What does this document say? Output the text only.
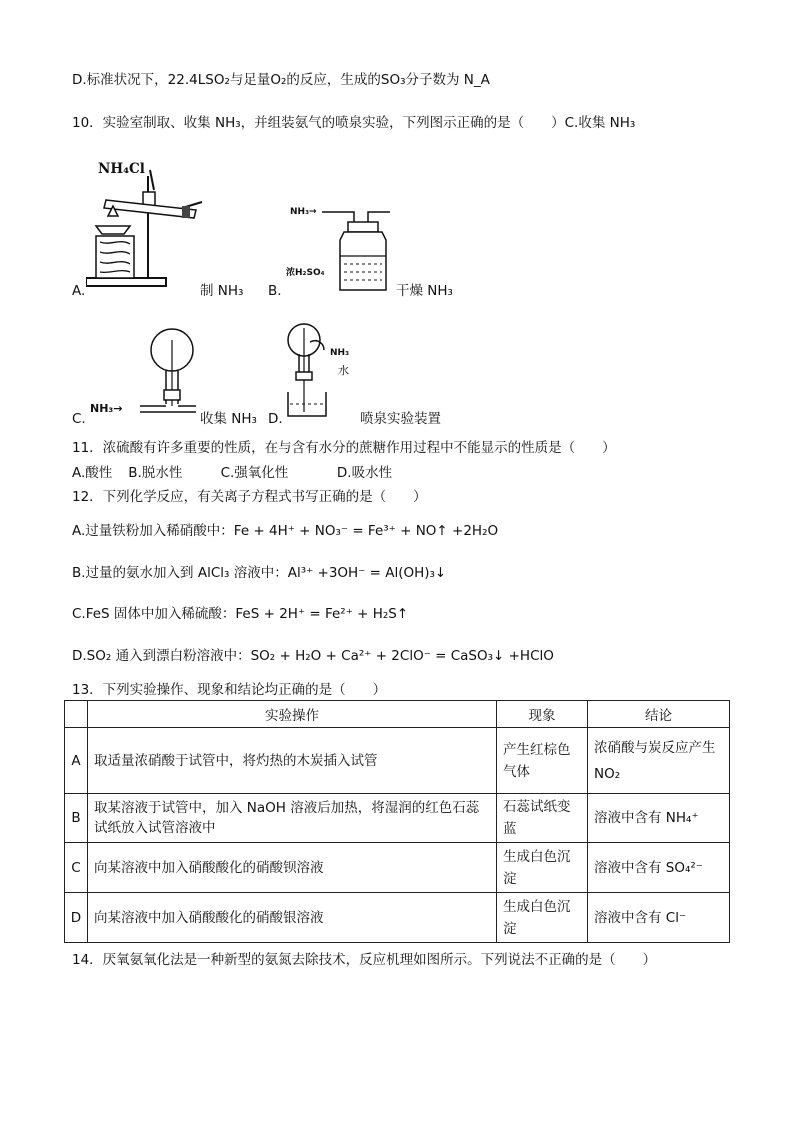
D.标准状况下，22.4LSO₂与足量O₂的反应，生成的SO₃分子数为 N_A
10．实验室制取、收集 NH₃，并组装氨气的喷泉实验，下列图示正确的是（　　）C.收集 NH₃
NH₄Cl
A.	制 NH₃
NH₃→
浓H₂SO₄
B.	干燥 NH₃
NH₃→
C.	收集 NH₃
NH₃
水
D.	喷泉实验装置
11．浓硫酸有许多重要的性质，在与含有水分的蔗糖作用过程中不能显示的性质是（　　）
A.酸性 B.脱水性	C.强氧化性	D.吸水性
12．下列化学反应，有关离子方程式书写正确的是（　　）
A.过量铁粉加入稀硝酸中：Fe + 4H⁺ + NO₃⁻ = Fe³⁺ + NO↑ +2H₂O
B.过量的氨水加入到 AlCl₃ 溶液中：Al³⁺ +3OH⁻ = Al(OH)₃↓
C.FeS 固体中加入稀硫酸：FeS + 2H⁺ = Fe²⁺ + H₂S↑
D.SO₂ 通入到漂白粉溶液中：SO₂ + H₂O + Ca²⁺ + 2ClO⁻ = CaSO₃↓ +HClO
13．下列实验操作、现象和结论均正确的是（　　）
	实验操作	现象	结论
A	取适量浓硝酸于试管中，将灼热的木炭插入试管	产生红棕色气体	浓硝酸与炭反应产生 NO₂
B	取某溶液于试管中，加入 NaOH 溶液后加热，将湿润的红色石蕊试纸放入试管溶液中	石蕊试纸变蓝	溶液中含有 NH₄⁺
C	向某溶液中加入硝酸酸化的硝酸钡溶液	生成白色沉淀	溶液中含有 SO₄²⁻
D	向某溶液中加入硝酸酸化的硝酸银溶液	生成白色沉淀	溶液中含有 Cl⁻
14．厌氧氨氧化法是一种新型的氨氮去除技术，反应机理如图所示。下列说法不正确的是（　　）
